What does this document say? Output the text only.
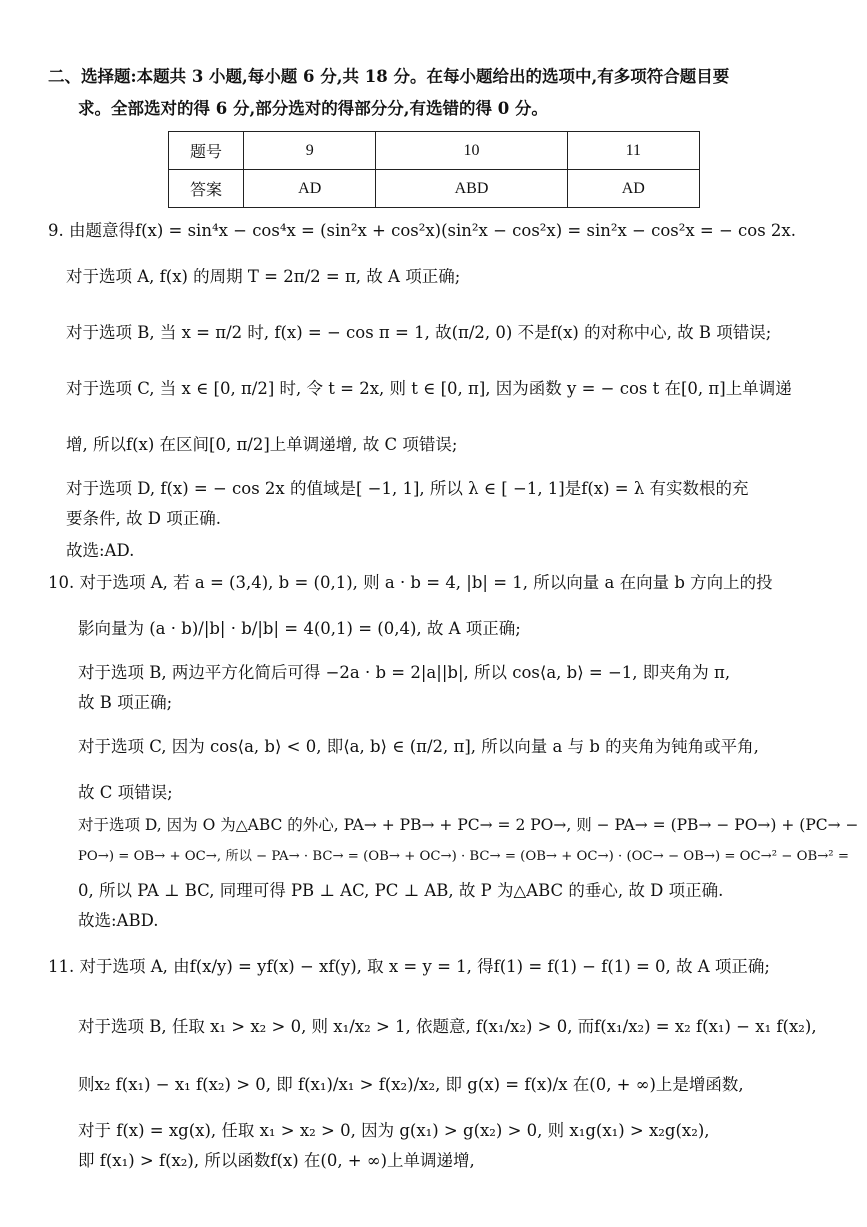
二、选择题:本题共 3 小题,每小题 6 分,共 18 分。在每小题给出的选项中,有多项符合题目要
求。全部选对的得 6 分,部分选对的得部分分,有选错的得 0 分。
题号	9	10	11
答案	AD	ABD	AD
9. 由题意得f(x) = sin⁴x − cos⁴x = (sin²x + cos²x)(sin²x − cos²x) = sin²x − cos²x = − cos 2x.
对于选项 A, f(x) 的周期 T = 2π/2 = π, 故 A 项正确;
对于选项 B, 当 x = π/2 时, f(x) = − cos π = 1, 故(π/2, 0) 不是f(x) 的对称中心, 故 B 项错误;
对于选项 C, 当 x ∈ [0, π/2] 时, 令 t = 2x, 则 t ∈ [0, π], 因为函数 y = − cos t 在[0, π]上单调递
增, 所以f(x) 在区间[0, π/2]上单调递增, 故 C 项错误;
对于选项 D, f(x) = − cos 2x 的值域是[ −1, 1], 所以 λ ∈ [ −1, 1]是f(x) = λ 有实数根的充
要条件, 故 D 项正确.
故选:AD.
10. 对于选项 A, 若 a = (3,4), b = (0,1), 则 a · b = 4, |b| = 1, 所以向量 a 在向量 b 方向上的投
影向量为 (a · b)/|b| · b/|b| = 4(0,1) = (0,4), 故 A 项正确;
对于选项 B, 两边平方化简后可得 −2a · b = 2|a||b|, 所以 cos⟨a, b⟩ = −1, 即夹角为 π,
故 B 项正确;
对于选项 C, 因为 cos⟨a, b⟩ < 0, 即⟨a, b⟩ ∈ (π/2, π], 所以向量 a 与 b 的夹角为钝角或平角,
故 C 项错误;
对于选项 D, 因为 O 为△ABC 的外心, PA→ + PB→ + PC→ = 2 PO→, 则 − PA→ = (PB→ − PO→) + (PC→ −
PO→) = OB→ + OC→, 所以 − PA→ · BC→ = (OB→ + OC→) · BC→ = (OB→ + OC→) · (OC→ − OB→) = OC→² − OB→² =
0, 所以 PA ⊥ BC, 同理可得 PB ⊥ AC, PC ⊥ AB, 故 P 为△ABC 的垂心, 故 D 项正确.
故选:ABD.
11. 对于选项 A, 由f(x/y) = yf(x) − xf(y), 取 x = y = 1, 得f(1) = f(1) − f(1) = 0, 故 A 项正确;
对于选项 B, 任取 x₁ > x₂ > 0, 则 x₁/x₂ > 1, 依题意, f(x₁/x₂) > 0, 而f(x₁/x₂) = x₂ f(x₁) − x₁ f(x₂),
则x₂ f(x₁) − x₁ f(x₂) > 0, 即 f(x₁)/x₁ > f(x₂)/x₂, 即 g(x) = f(x)/x 在(0, + ∞)上是增函数,
对于 f(x) = xg(x), 任取 x₁ > x₂ > 0, 因为 g(x₁) > g(x₂) > 0, 则 x₁g(x₁) > x₂g(x₂),
即 f(x₁) > f(x₂), 所以函数f(x) 在(0, + ∞)上单调递增,
